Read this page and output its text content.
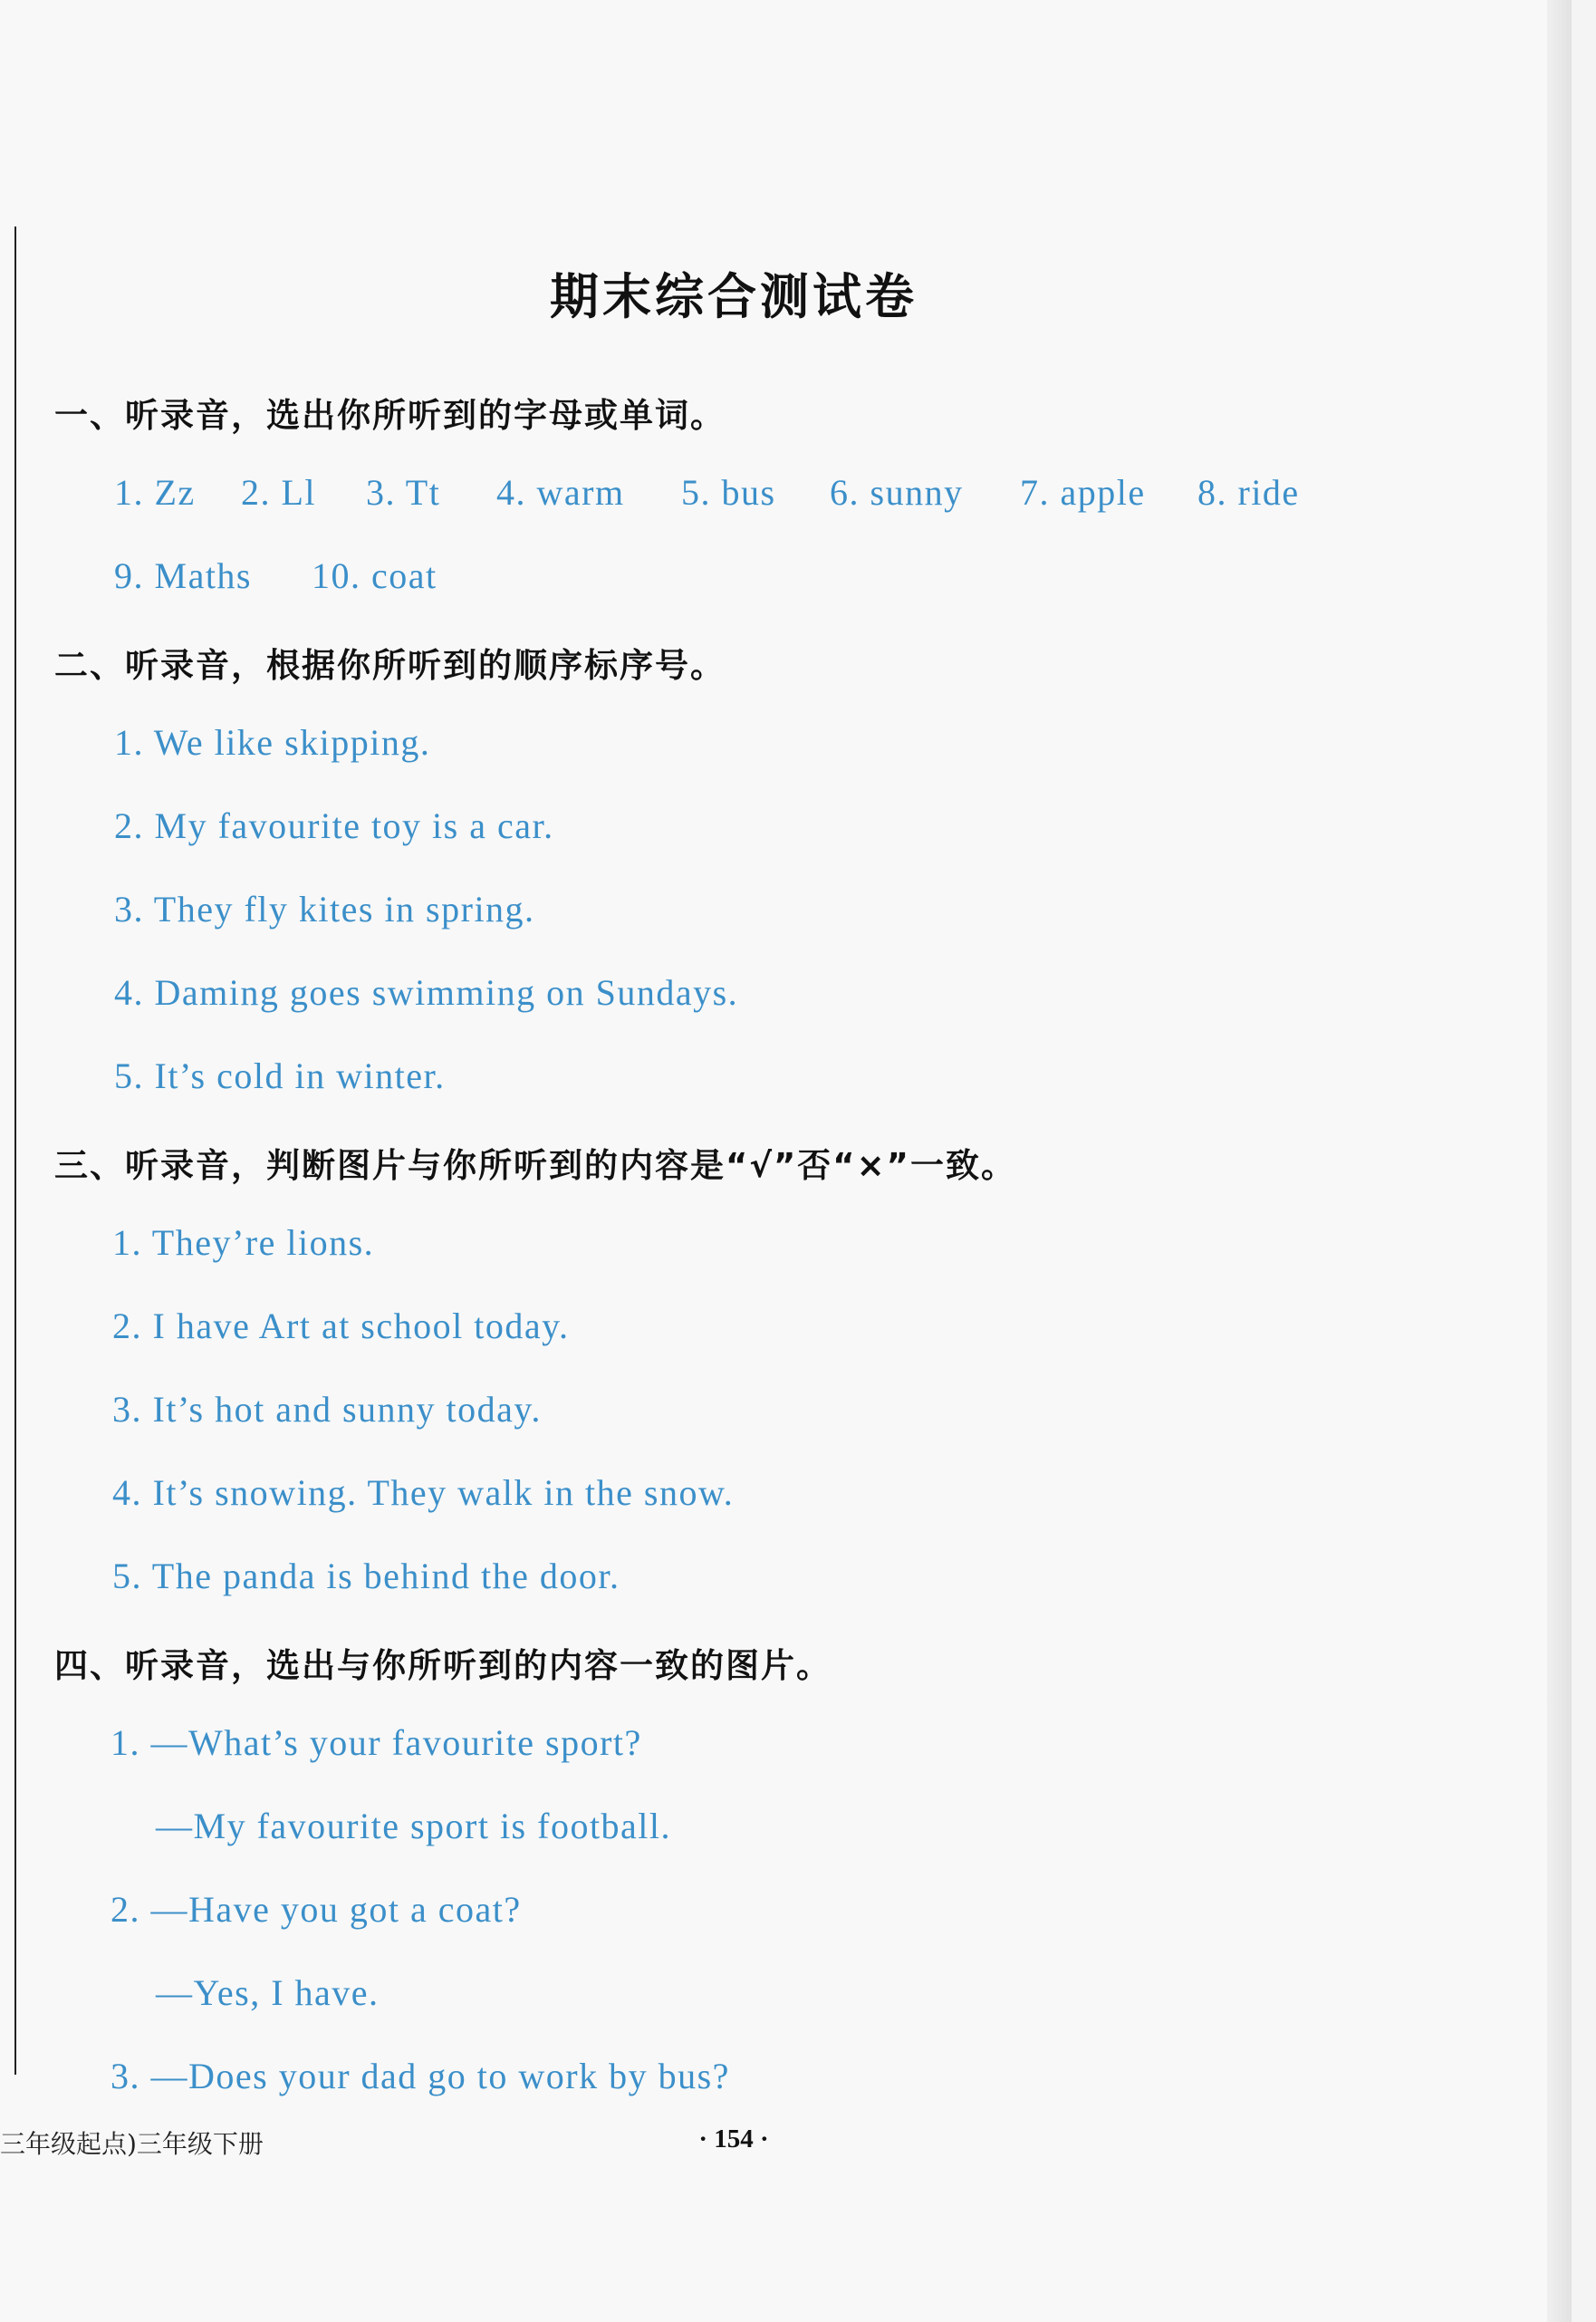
期末综合测试卷
一、听录音，选出你所听到的字母或单词。
1. Zz 2. Ll 3. Tt 4. warm 5. bus 6. sunny 7. apple 8. ride
9. Maths 10. coat
二、听录音，根据你所听到的顺序标序号。
1. We like skipping.
2. My favourite toy is a car.
3. They fly kites in spring.
4. Daming goes swimming on Sundays.
5. It’s cold in winter.
三、听录音，判断图片与你所听到的内容是“√”否“×”一致。
1. They’re lions.
2. I have Art at school today.
3. It’s hot and sunny today.
4. It’s snowing. They walk in the snow.
5. The panda is behind the door.
四、听录音，选出与你所听到的内容一致的图片。
1. —What’s your favourite sport?
—My favourite sport is football.
2. —Have you got a coat?
—Yes, I have.
3. —Does your dad go to work by bus?
三年级起点)三年级下册	· 154 ·
